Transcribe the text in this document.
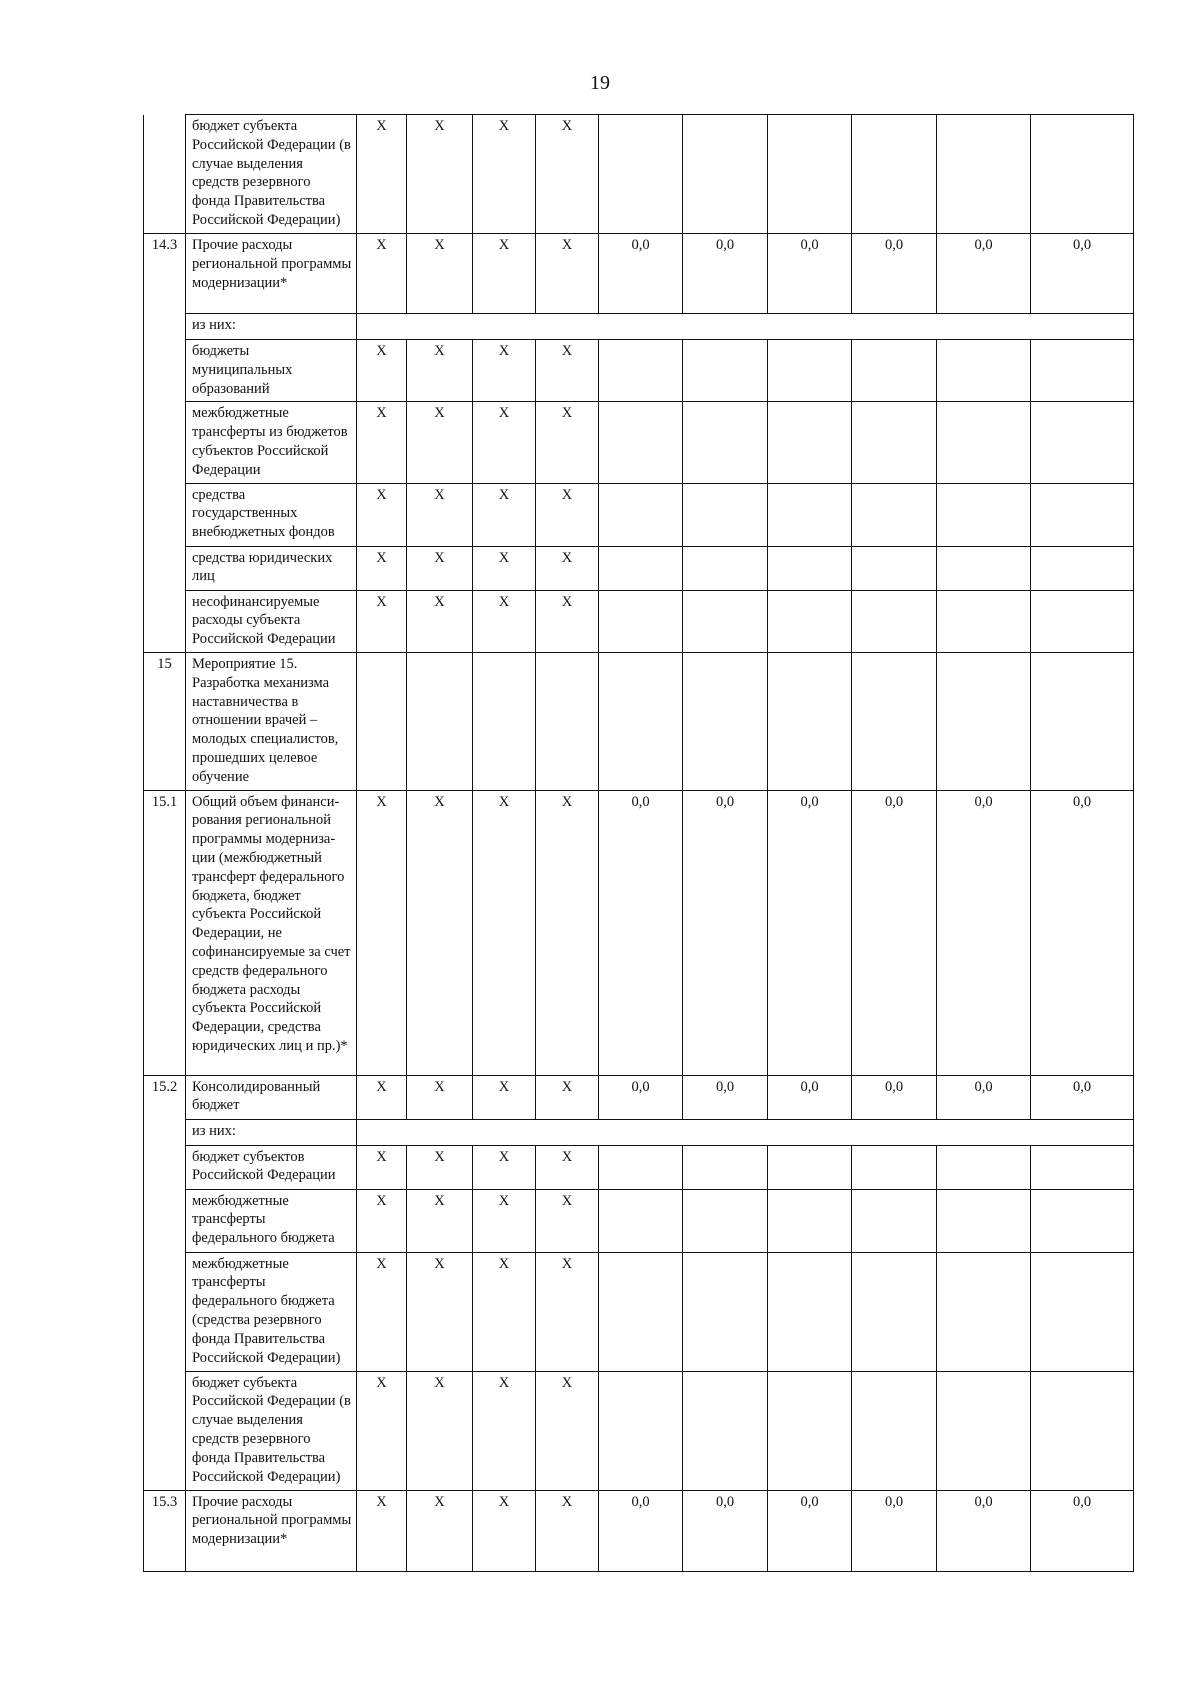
19
	бюджет субъекта Российской Федерации (в случае выделения средств резервного фонда Правительства Российской Федерации)	X	X	X	X						
14.3	Прочие расходы региональной программы модернизации*	X	X	X	X	0,0	0,0	0,0	0,0	0,0	0,0
	из них:										
	бюджеты муниципальных образований	X	X	X	X						
	межбюджетные трансферты из бюджетов субъектов Российской Федерации	X	X	X	X						
	средства государственных внебюджетных фондов	X	X	X	X						
	средства юридических лиц	X	X	X	X						
	несофинансируемые расходы субъекта Российской Федерации	X	X	X	X						
15	Мероприятие 15. Разработка механизма наставничества в отношении врачей – молодых специалистов, прошедших целевое обучение										
15.1	Общий объем финанси-рования региональной программы модерниза-ции (межбюджетный трансферт федерального бюджета, бюджет субъекта Российской Федерации, не софинансируемые за счет средств федерального бюджета расходы субъекта Российской Федерации, средства юридических лиц и пр.)*	X	X	X	X	0,0	0,0	0,0	0,0	0,0	0,0
15.2	Консолидированный бюджет	X	X	X	X	0,0	0,0	0,0	0,0	0,0	0,0
	из них:										
	бюджет субъектов Российской Федерации	X	X	X	X						
	межбюджетные трансферты федерального бюджета	X	X	X	X						
	межбюджетные трансферты федерального бюджета (средства резервного фонда Правительства Российской Федерации)	X	X	X	X						
	бюджет субъекта Российской Федерации (в случае выделения средств резервного фонда Правительства Российской Федерации)	X	X	X	X						
15.3	Прочие расходы региональной программы модернизации*	X	X	X	X	0,0	0,0	0,0	0,0	0,0	0,0
